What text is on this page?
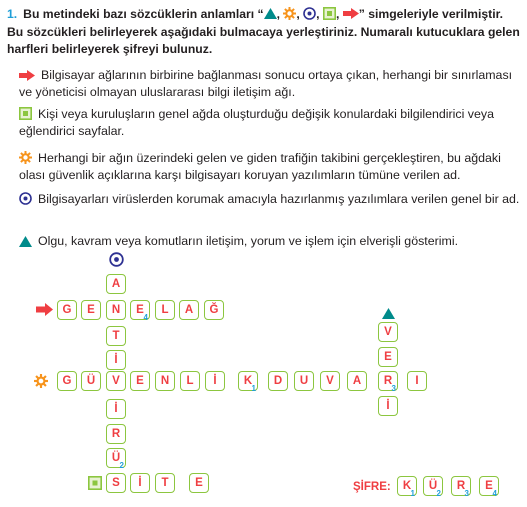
1. Bu metindeki bazı sözcüklerin anlamları “ ,
,
,
,
” simgeleriyle verilmiştir. Bu sözcükleri belirleyerek aşağıdaki bulmacaya yerleştiriniz. Numaralı kutucuklara gelen harfleri belirleyerek şifreyi bulunuz.
Bilgisayar ağlarının birbirine bağlanması sonucu ortaya çıkan, herhangi bir sınırlaması ve yöneticisi olmayan uluslararası bilgi iletişim ağı.
Kişi veya kuruluşların genel ağda oluşturduğu değişik konulardaki bilgilendirici veya eğlendirici sayfalar.
Herhangi bir ağın üzerindeki gelen ve giden trafiğin takibini gerçekleştiren, bu ağdaki olası güvenlik açıklarına karşı bilgisayarı koruyan yazılımların tümüne verilen ad.
Bilgisayarları virüslerden korumak amacıyla hazırlanmış yazılımlara verilen genel bir ad.
Olgu, kavram veya komutların iletişim, yorum ve işlem için elverişli gösterimi.
A
T
İ
İ
R
Ü
2
G	E	N	E
4
L	A	Ğ
V
E
İ
G	Ü	V	E	N	L	İ	K
1
D	U	V	A	R
3
I
S	İ	T	E	ŞİFRE:	K
1
Ü
2
R
3
E
4
